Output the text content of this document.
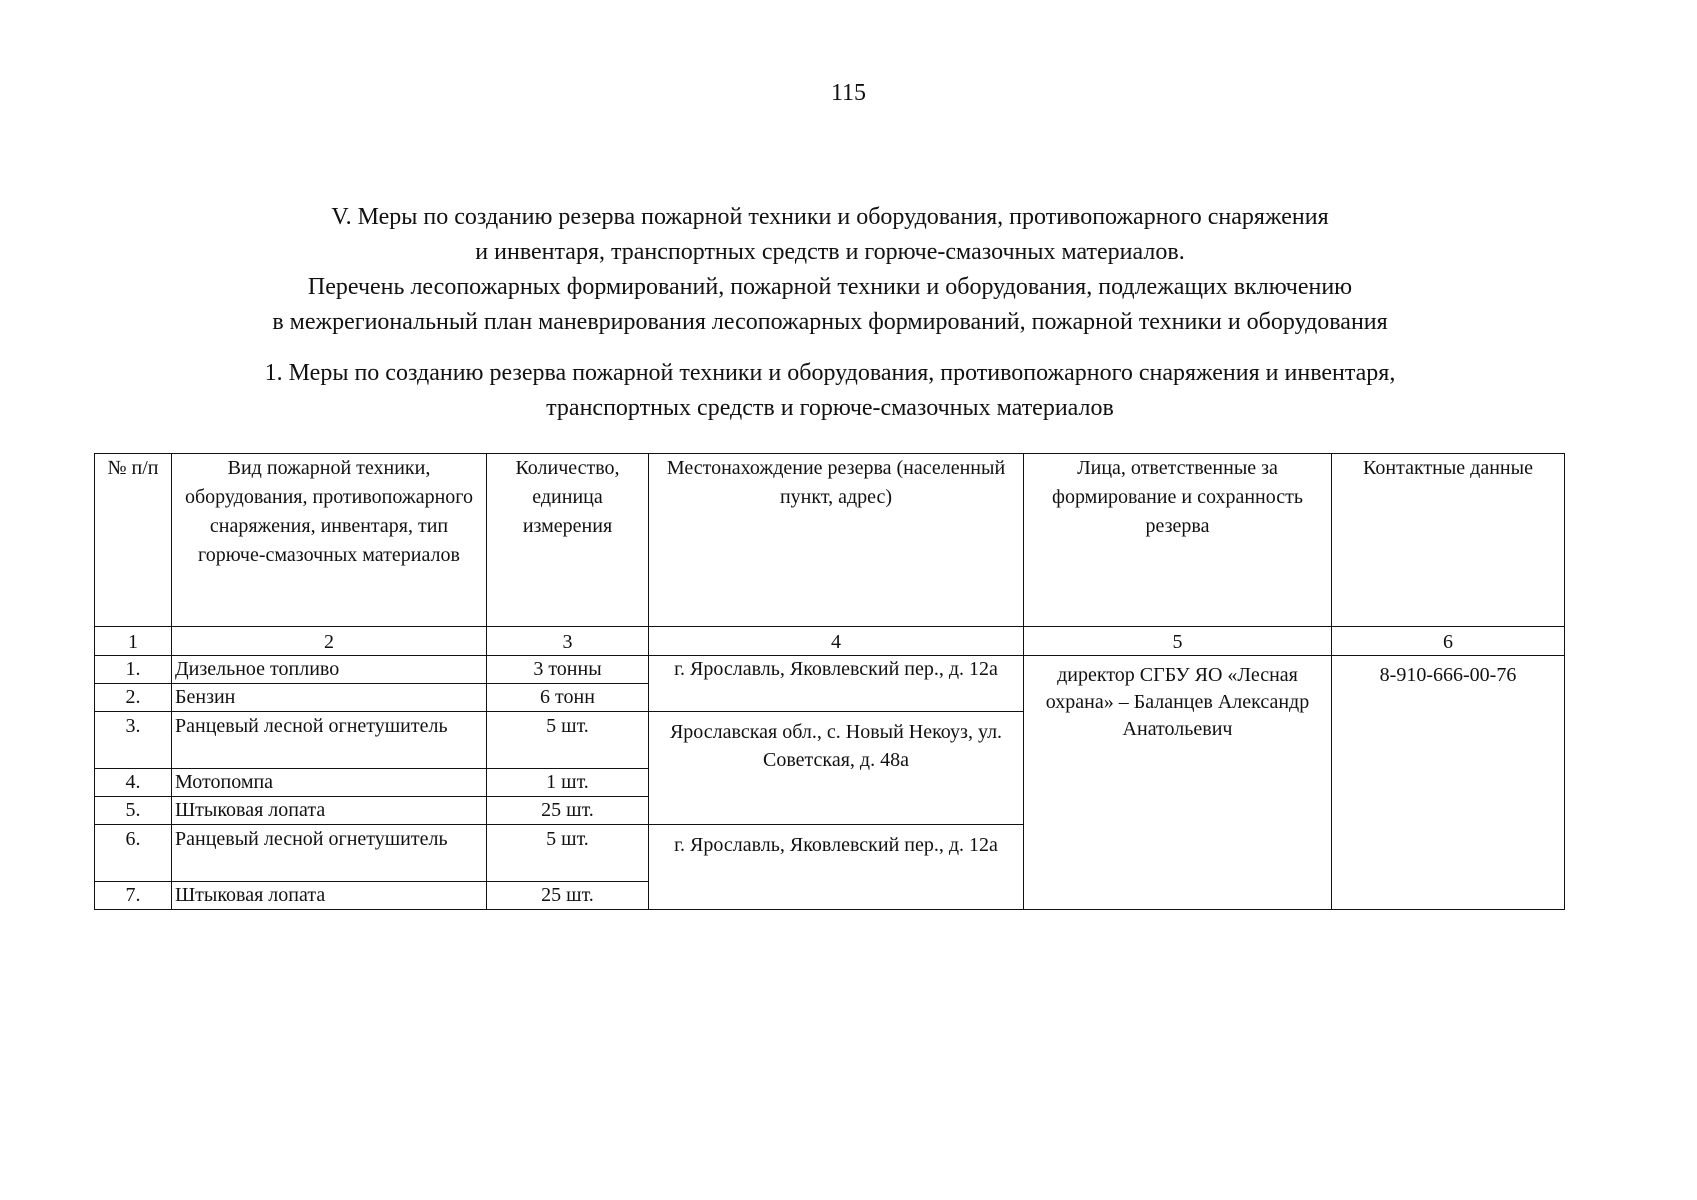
115
V. Меры по созданию резерва пожарной техники и оборудования, противопожарного снаряжения
и инвентаря, транспортных средств и горюче-смазочных материалов.
Перечень лесопожарных формирований, пожарной техники и оборудования, подлежащих включению
в межрегиональный план маневрирования лесопожарных формирований, пожарной техники и оборудования
1. Меры по созданию резерва пожарной техники и оборудования, противопожарного снаряжения и инвентаря,
транспортных средств и горюче-смазочных материалов
№ п/п	Вид пожарной техники, оборудования, противопожарного снаряжения, инвентаря, тип горюче-смазочных материалов	Количество, единица измерения	Местонахождение резерва (населенный пункт, адрес)	Лица, ответственные за формирование и сохранность резерва	Контактные данные
1	2	3	4	5	6
1.	Дизельное топливо	3 тонны	г. Ярославль, Яковлевский пер., д. 12а	директор СГБУ ЯО «Лесная охрана» – Баланцев Александр Анатольевич	8-910-666-00-76
2.	Бензин	6 тонн			
3.	Ранцевый лесной огнетушитель	5 шт.	Ярославская обл., с. Новый Некоуз, ул. Советская, д. 48а		
4.	Мотопомпа	1 шт.			
5.	Штыковая лопата	25 шт.			
6.	Ранцевый лесной огнетушитель	5 шт.	г. Ярославль, Яковлевский пер., д. 12а		
7.	Штыковая лопата	25 шт.			
